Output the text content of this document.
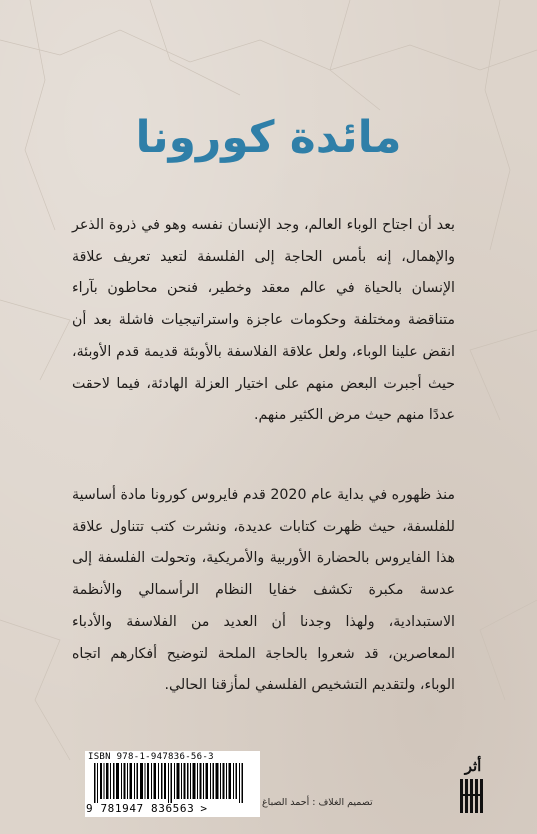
مائدة كورونا

بعد أن اجتاح الوباء العالم، وجد الإنسان نفسه وهو في ذروة الذعر والإهمال، إنه بأمس الحاجة إلى الفلسفة لتعيد تعريف علاقة الإنسان بالحياة في عالم معقد وخطير، فنحن محاطون بآراء متناقضة ومختلفة وحكومات عاجزة واستراتيجيات فاشلة بعد أن انقض علينا الوباء، ولعل علاقة الفلاسفة بالأوبئة قديمة قدم الأوبئة، حيث أجبرت البعض منهم على اختيار العزلة الهادئة، فيما لاحقت عددًا منهم حيث مرض الكثير منهم.

منذ ظهوره في بداية عام 2020 قدم فايروس كورونا مادة أساسية للفلسفة، حيث ظهرت كتابات عديدة، ونشرت كتب تتناول علاقة هذا الفايروس بالحضارة الأوربية والأمريكية، وتحولت الفلسفة إلى عدسة مكبرة تكشف خفايا النظام الرأسمالي والأنظمة الاستبدادية، ولهذا وجدنا أن العديد من الفلاسفة والأدباء المعاصرين، قد شعروا بالحاجة الملحة لتوضيح أفكارهم اتجاه الوباء، ولتقديم التشخيص الفلسفي لمأزقنا الحالي.

ISBN 978-1-947836-56-3
9 781947 836563 >	تصميم الغلاف : أحمد الصباغ
أثر
